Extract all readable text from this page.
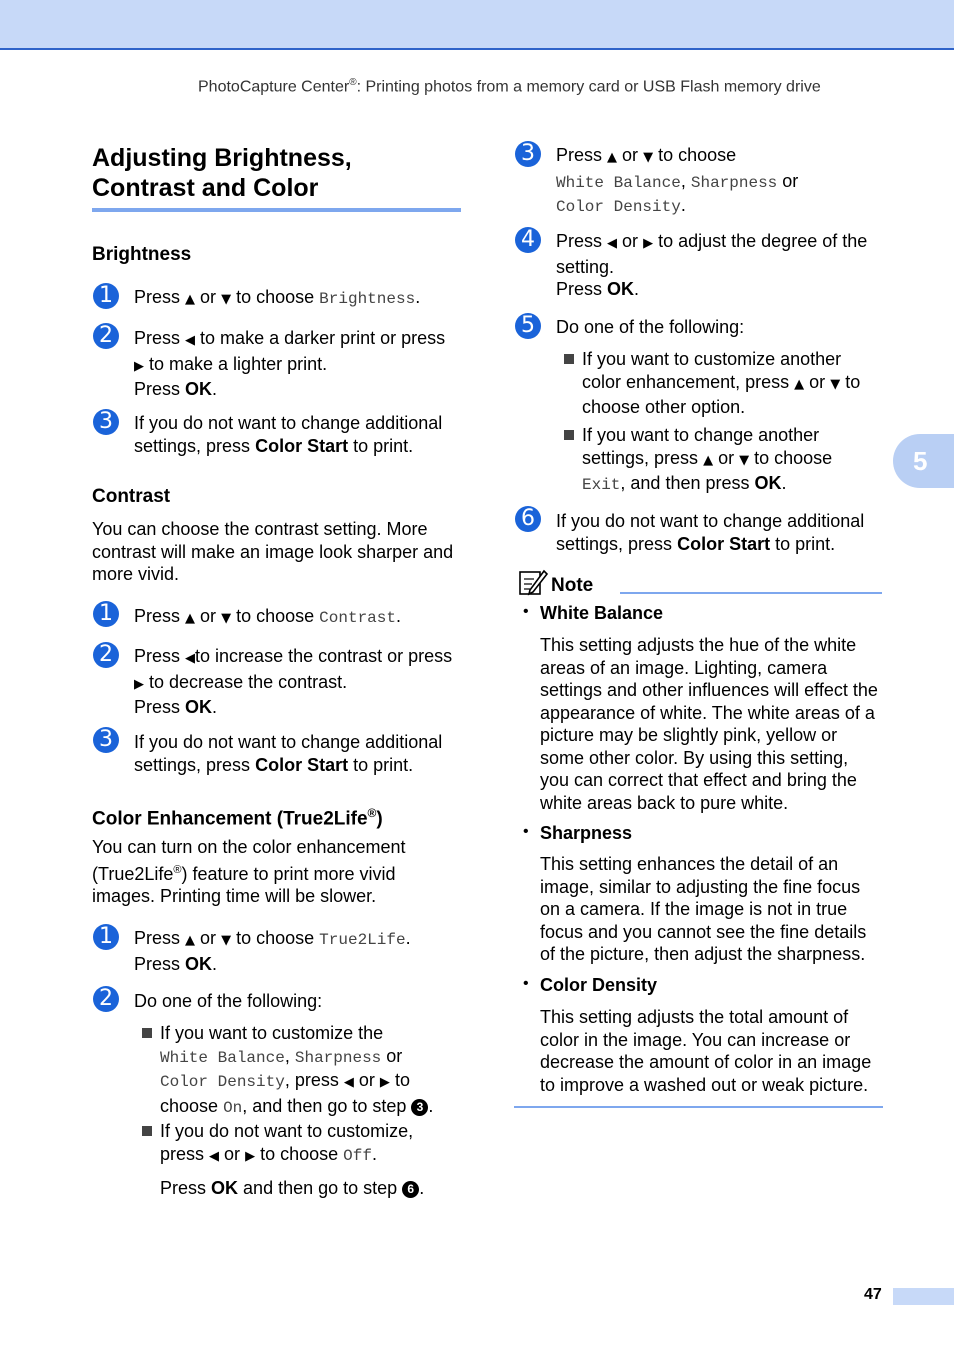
PhotoCapture Center®: Printing photos from a memory card or USB Flash memory drive
Adjusting Brightness,
Contrast and Color
Brightness
1	Press ▲ or ▼ to choose Brightness.
2	Press ◀ to make a darker print or press
▶ to make a lighter print.
Press OK.
3	If you do not want to change additional
settings, press Color Start to print.
Contrast
You can choose the contrast setting. More
contrast will make an image look sharper and
more vivid.
1	Press ▲ or ▼ to choose Contrast.
2	Press ◀to increase the contrast or press
▶ to decrease the contrast.
Press OK.
3	If you do not want to change additional
settings, press Color Start to print.
Color Enhancement (True2Life®)
You can turn on the color enhancement
(True2Life®) feature to print more vivid
images. Printing time will be slower.
1	Press ▲ or ▼ to choose True2Life.
Press OK.
2	Do one of the following:
If you want to customize the
White Balance, Sharpness or
Color Density, press ◀ or ▶ to
choose On, and then go to step 3 .
If you do not want to customize,
press ◀ or ▶ to choose Off.
Press OK and then go to step 6 .
3	Press ▲ or ▼ to choose
White Balance, Sharpness or
Color Density.
4	Press ◀ or ▶ to adjust the degree of the
setting.
Press OK.
5	Do one of the following:
If you want to customize another
color enhancement, press ▲ or ▼ to
choose other option.
If you want to change another
settings, press ▲ or ▼ to choose
Exit, and then press OK.
6	If you do not want to change additional
settings, press Color Start to print.
Note
• White Balance
This setting adjusts the hue of the white
areas of an image. Lighting, camera
settings and other influences will effect the
appearance of white. The white areas of a
picture may be slightly pink, yellow or
some other color. By using this setting,
you can correct that effect and bring the
white areas back to pure white.
• Sharpness
This setting enhances the detail of an
image, similar to adjusting the fine focus
on a camera. If the image is not in true
focus and you cannot see the fine details
of the picture, then adjust the sharpness.
• Color Density
This setting adjusts the total amount of
color in the image. You can increase or
decrease the amount of color in an image
to improve a washed out or weak picture.
5
47
